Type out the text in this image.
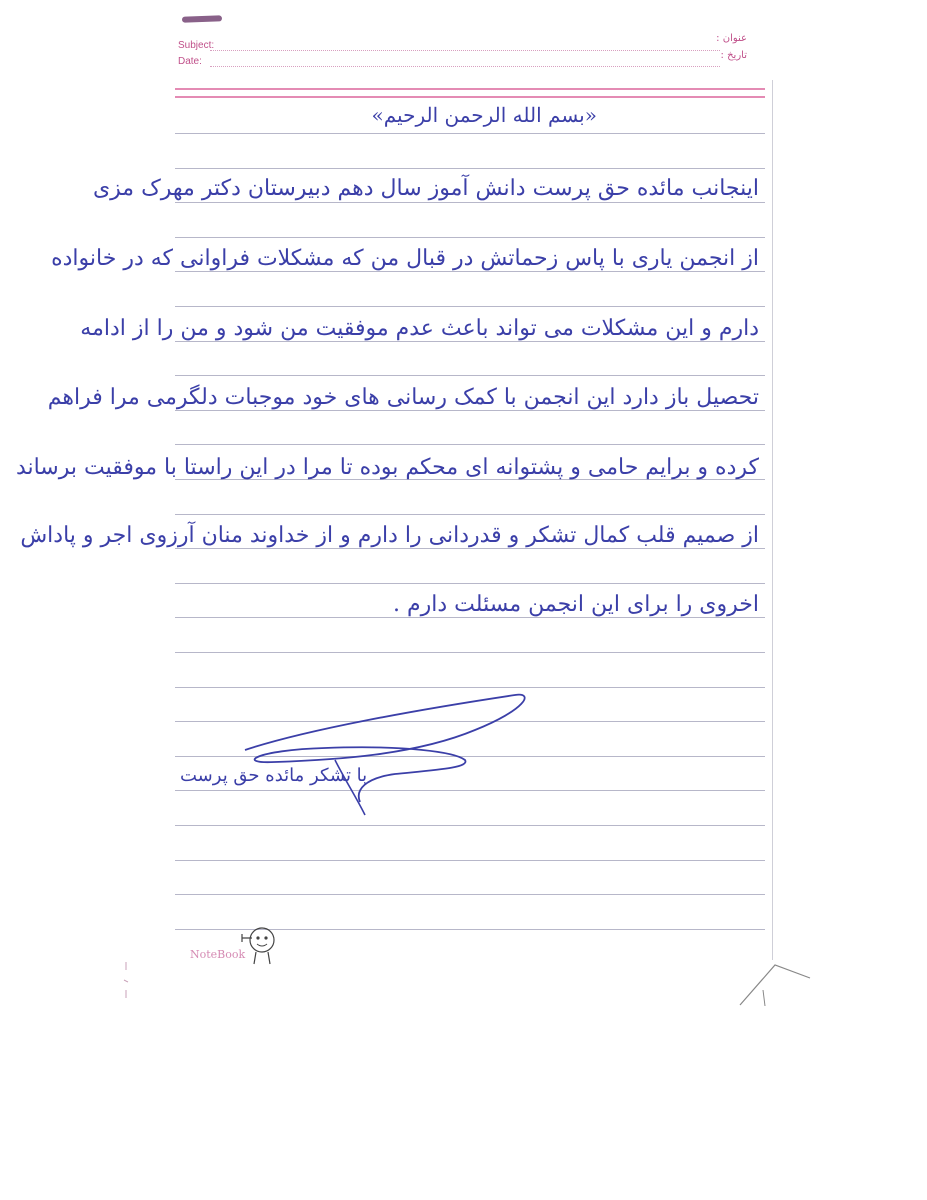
Subject:
Date:
عنوان :
تاریخ :
«بسم الله الرحمن الرحیم»
اینجانب مائده حق پرست دانش آموز سال دهم دبیرستان دکتر مهرک مزی
از انجمن یاری با پاس زحماتش در قبال من که مشکلات فراوانی که در خانواده
دارم و این مشکلات می تواند باعث عدم موفقیت من شود و من را از ادامه
تحصیل باز دارد این انجمن با کمک رسانی های خود موجبات دلگرمی مرا فراهم
کرده و برایم حامی و پشتوانه ای محکم بوده تا مرا در این راستا با موفقیت برساند
از صمیم قلب کمال تشکر و قدردانی را دارم و از خداوند منان آرزوی اجر و پاداش
اخروی را برای این انجمن مسئلت دارم .
با تشکر مائده حق پرست
NoteBook
